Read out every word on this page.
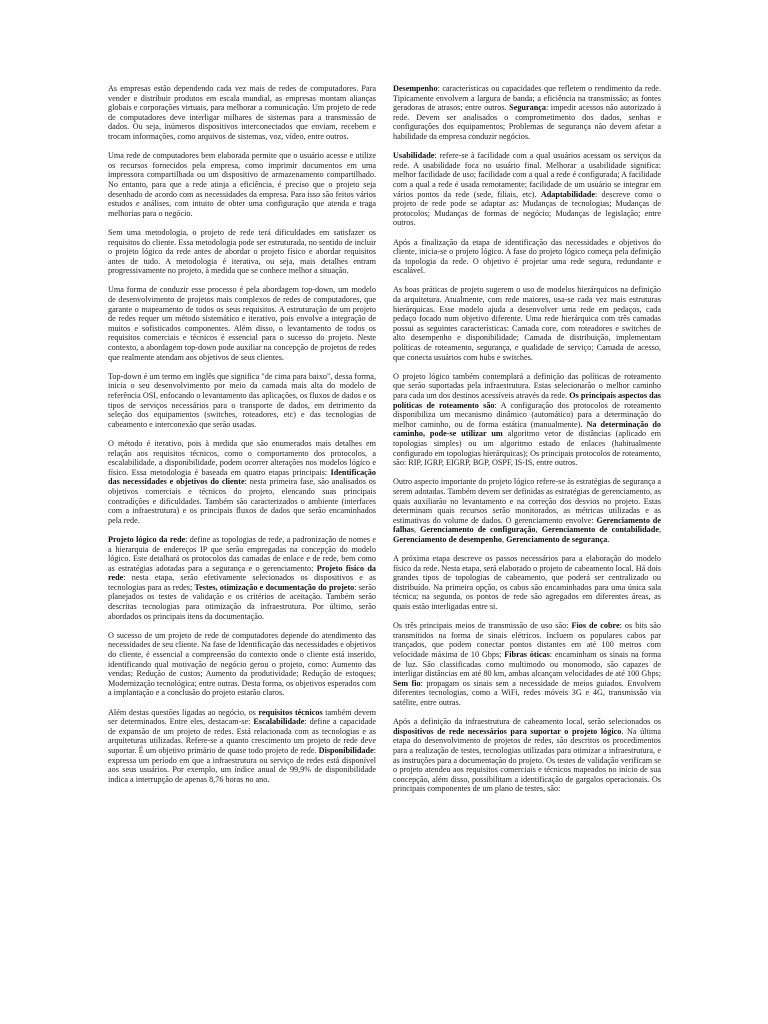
As empresas estão dependendo cada vez mais de redes de computadores. Para vender e distribuir produtos em escala mundial, as empresas montam alianças globais e corporações virtuais, para melhorar a comunicação. Um projeto de rede de computadores deve interligar milhares de sistemas para a transmissão de dados. Ou seja, inúmeros dispositivos interconectados que enviam, recebem e trocam informações, como arquivos de sistemas, voz, vídeo, entre outros.

Uma rede de computadores bem elaborada permite que o usuário acesse e utilize os recursos fornecidos pela empresa, como imprimir documentos em uma impressora compartilhada ou um dispositivo de armazenamento compartilhado. No entanto, para que a rede atinja a eficiência, é preciso que o projeto seja desenhado de acordo com as necessidades da empresa. Para isso são feitos vários estudos e análises, com intuito de obter uma configuração que atenda e traga melhorias para o negócio.

Sem uma metodologia, o projeto de rede terá dificuldades em satisfazer os requisitos do cliente. Essa metodologia pode ser estruturada, no sentido de incluir o projeto lógico da rede antes de abordar o projeto físico e abordar requisitos antes de tudo. A metodologia é iterativa, ou seja, mais detalhes entram progressivamente no projeto, à medida que se conhece melhor a situação.

Uma forma de conduzir esse processo é pela abordagem top-down, um modelo de desenvolvimento de projetos mais complexos de redes de computadores, que garante o mapeamento de todos os seus requisitos. A estruturação de um projeto de redes requer um método sistemático e iterativo, pois envolve a integração de muitos e sofisticados componentes. Além disso, o levantamento de todos os requisitos comerciais e técnicos é essencial para o sucesso do projeto. Neste contexto, a abordagem top-down pode auxiliar na concepção de projetos de redes que realmente atendam aos objetivos de seus clientes.

Top-down é um termo em inglês que significa "de cima para baixo", dessa forma, inicia o seu desenvolvimento por meio da camada mais alta do modelo de referência OSI, enfocando o levantamento das aplicações, os fluxos de dados e os tipos de serviços necessários para o transporte de dados, em detrimento da seleção dos equipamentos (switches, roteadores, etc) e das tecnologias de cabeamento e interconexão que serão usadas.

O método é iterativo, pois à medida que são enumerados mais detalhes em relação aos requisitos técnicos, como o comportamento dos protocolos, a escalabilidade, a disponibilidade, podem ocorrer alterações nos modelos lógico e físico. Essa metodologia é baseada em quatro etapas principais: Identificação das necessidades e objetivos do cliente: nesta primeira fase, são analisados os objetivos comerciais e técnicos do projeto, elencando suas principais contradições e dificuldades. Também são caracterizados o ambiente (interfaces com a infraestrutura) e os principais fluxos de dados que serão encaminhados pela rede.

Projeto lógico da rede: define as topologias de rede, a padronização de nomes e a hierarquia de endereços IP que serão empregadas na concepção do modelo lógico. Este detalhará os protocolos das camadas de enlace e de rede, bem como as estratégias adotadas para a segurança e o gerenciamento; Projeto físico da rede: nesta etapa, serão efetivamente selecionados os dispositivos e as tecnologias para as redes; Testes, otimização e documentação do projeto: serão planejados os testes de validação e os critérios de aceitação. Também serão descritas tecnologias para otimização da infraestrutura. Por último, serão abordados os principais itens da documentação.

O sucesso de um projeto de rede de computadores depende do atendimento das necessidades de seu cliente. Na fase de Identificação das necessidades e objetivos do cliente, é essencial a compreensão do contexto onde o cliente está inserido, identificando qual motivação de negócio gerou o projeto, como: Aumento das vendas; Redução de custos; Aumento da produtividade; Redução de estoques; Modernização tecnológica; entre outras. Desta forma, os objetivos esperados com a implantação e a conclusão do projeto estarão claros.

Além destas questões ligadas ao negócio, os requisitos técnicos também devem ser determinados. Entre eles, destacam-se: Escalabilidade: define a capacidade de expansão de um projeto de redes. Está relacionada com as tecnologias e as arquiteturas utilizadas. Refere-se a quanto crescimento um projeto de rede deve suportar. É um objetivo primário de quase todo projeto de rede. Disponibilidade: expressa um período em que a infraestrutura ou serviço de redes está disponível aos seus usuários. Por exemplo, um índice anual de 99,9% de disponibilidade indica a interrupção de apenas 8,76 horas no ano.

Desempenho: características ou capacidades que refletem o rendimento da rede. Tipicamente envolvem a largura de banda; a eficiência na transmissão; as fontes geradoras de atrasos; entre outros. Segurança: impedir acessos não autorizado à rede. Devem ser analisados o comprometimento dos dados, senhas e configurações dos equipamentos; Problemas de segurança não devem afetar a habilidade da empresa conduzir negócios.

Usabilidade: refere-se à facilidade com a qual usuários acessam os serviços da rede. A usabilidade foca no usuário final. Melhorar a usabilidade significa: melhor facilidade de uso; facilidade com a qual a rede é configurada; A facilidade com a qual a rede é usada remotamente; facilidade de um usuário se integrar em vários pontos da rede (sede, filiais, etc). Adaptabilidade: descreve como o projeto de rede pode se adaptar as: Mudanças de tecnologias; Mudanças de protocolos; Mudanças de formas de negócio; Mudanças de legislação; entre outros.

Após a finalização da etapa de identificação das necessidades e objetivos do cliente, inicia-se o projeto lógico. A fase do projeto lógico começa pela definição da topologia da rede. O objetivo é projetar uma rede segura, redundante e escalável.

As boas práticas de projeto sugerem o uso de modelos hierárquicos na definição da arquitetura. Atualmente, com rede maiores, usa-se cada vez mais estruturas hierárquicas. Esse modelo ajuda a desenvolver uma rede em pedaços, cada pedaço focado num objetivo diferente. Uma rede hierárquica com três camadas possui as seguintes características: Camada core, com roteadores e switches de alto desempenho e disponibilidade; Camada de distribuição, implementam políticas de roteamento, segurança, e qualidade de serviço; Camada de acesso, que conecta usuários com hubs e switches.

O projeto lógico também contemplará a definição das políticas de roteamento que serão suportadas pela infraestrutura. Estas selecionarão o melhor caminho para cada um dos destinos acessíveis através da rede. Os principais aspectos das políticas de roteamento são: A configuração dos protocolos de roteamento disponibiliza um mecanismo dinâmico (automático) para a determinação do melhor caminho, ou de forma estática (manualmente). Na determinação do caminho, pode-se utilizar um algoritmo vetor de distâncias (aplicado em topologias simples) ou um algoritmo estado de enlaces (habitualmente configurado em topologias hierárquicas); Os principais protocolos de roteamento, são: RIP, IGRP, EIGRP, BGP, OSPF, IS-IS, entre outros.

Outro aspecto importante do projeto lógico refere-se às estratégias de segurança a serem adotadas. Também devem ser definidas as estratégias de gerenciamento, as quais auxiliarão no levantamento e na correção dos desvios no projeto. Estas determinam quais recursos serão monitorados, as métricas utilizadas e as estimativas do volume de dados. O gerenciamento envolve: Gerenciamento de falhas, Gerenciamento de configuração, Gerenciamento de contabilidade, Gerenciamento de desempenho, Gerenciamento de segurança.

A próxima etapa descreve os passos necessários para a elaboração do modelo físico da rede. Nesta etapa, será elaborado o projeto de cabeamento local. Há dois grandes tipos de topologias de cabeamento, que poderá ser centralizado ou distribuído. Na primeira opção, os cabos são encaminhados para uma única sala técnica; na segunda, os pontos de rede são agregados em diferentes áreas, as quais estão interligadas entre si.

Os três principais meios de transmissão de uso são: Fios de cobre: os bits são transmitidos na forma de sinais elétricos. Incluem os populares cabos par trançados, que podem conectar pontos distantes em até 100 metros com velocidade máxima de 10 Gbps; Fibras óticas: encaminham os sinais na forma de luz. São classificadas como multimodo ou monomodo, são capazes de interligar distâncias em até 80 km, ambas alcançam velocidades de até 100 Gbps; Sem fio: propagam os sinais sem a necessidade de meios guiados. Envolvem diferentes tecnologias, como a WiFi, redes móveis 3G e 4G, transmissão via satélite, entre outras.

Após a definição da infraestrutura de cabeamento local, serão selecionados os dispositivos de rede necessários para suportar o projeto lógico. Na última etapa do desenvolvimento de projetos de redes, são descritos os procedimentos para a realização de testes, tecnologias utilizadas para otimizar a infraestrutura, e as instruções para a documentação do projeto. Os testes de validação verificam se o projeto atendeu aos requisitos comerciais e técnicos mapeados no início de sua concepção, além disso, possibilitam a identificação de gargalos operacionais. Os principais componentes de um plano de testes, são:
